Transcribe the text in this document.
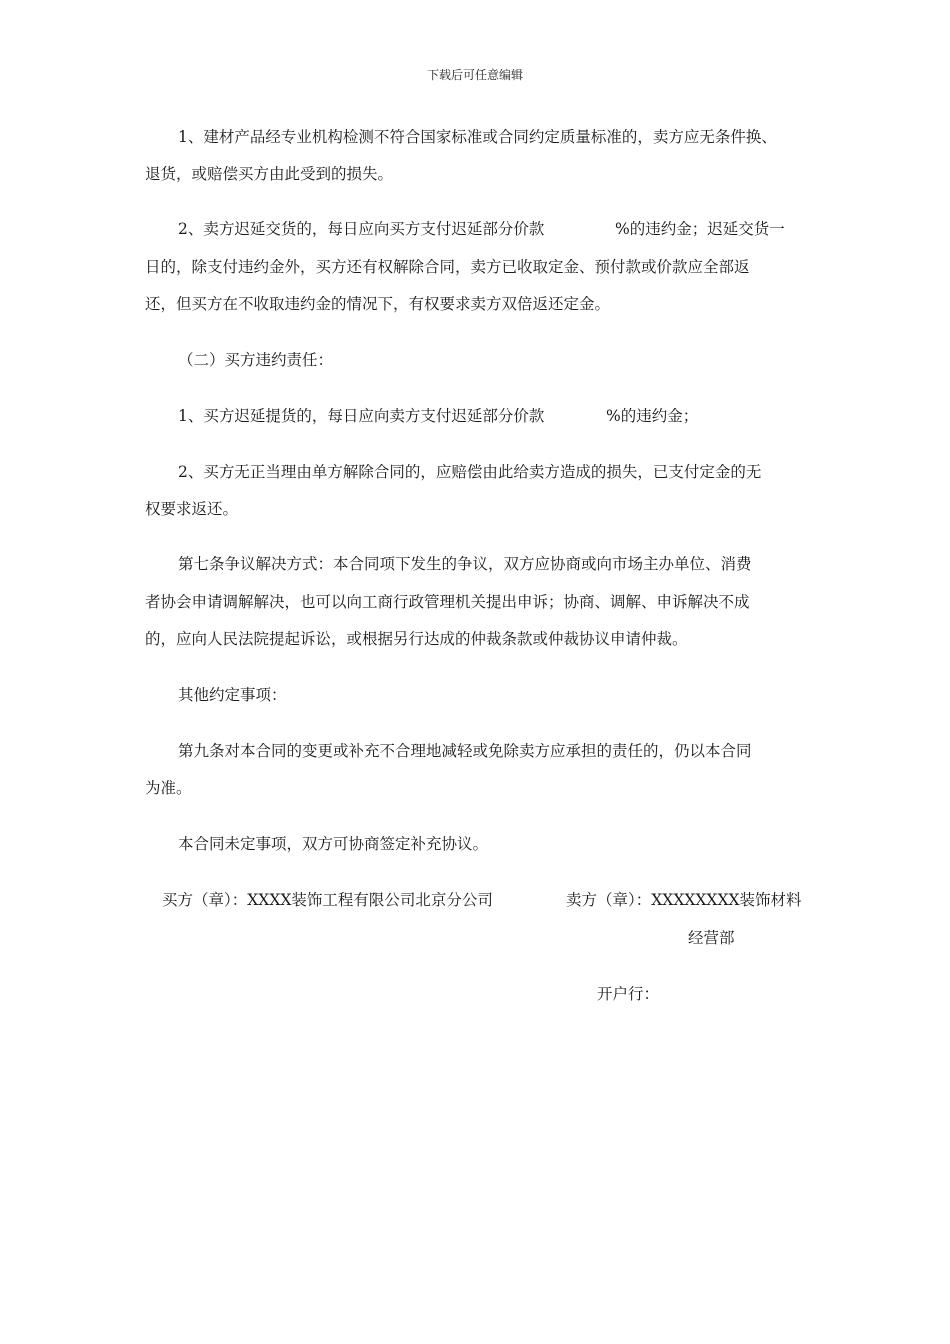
下载后可任意编辑
1、建材产品经专业机构检测不符合国家标准或合同约定质量标准的，卖方应无条件换、
退货，或赔偿买方由此受到的损失。
2、卖方迟延交货的，每日应向买方支付迟延部分价款	%的违约金；迟延交货一
日的，除支付违约金外，买方还有权解除合同，卖方已收取定金、预付款或价款应全部返
还，但买方在不收取违约金的情况下，有权要求卖方双倍返还定金。
（二）买方违约责任：
1、买方迟延提货的，每日应向卖方支付迟延部分价款	%的违约金；
2、买方无正当理由单方解除合同的，应赔偿由此给卖方造成的损失，已支付定金的无
权要求返还。
第七条争议解决方式：本合同项下发生的争议，双方应协商或向市场主办单位、消费
者协会申请调解解决，也可以向工商行政管理机关提出申诉；协商、调解、申诉解决不成
的，应向人民法院提起诉讼，或根据另行达成的仲裁条款或仲裁协议申请仲裁。
其他约定事项：
第九条对本合同的变更或补充不合理地减轻或免除卖方应承担的责任的，仍以本合同
为准。
本合同未定事项，双方可协商签定补充协议。
买方（章）：XXXX装饰工程有限公司北京分公司	卖方（章）：XXXXXXXX装饰材料
经营部
开户行：
